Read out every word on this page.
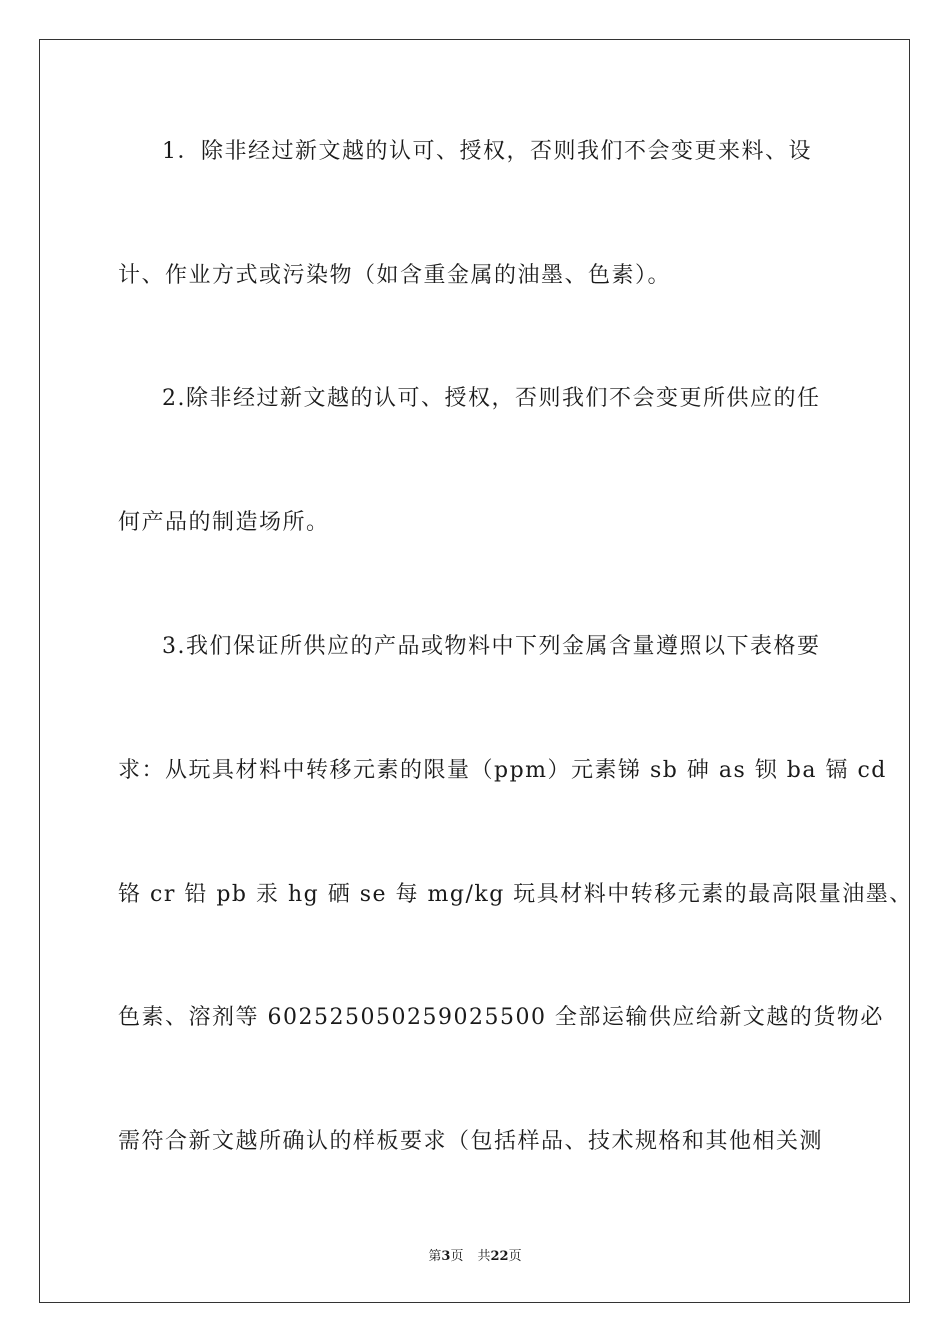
1．除非经过新文越的认可、授权，否则我们不会变更来料、设
计、作业方式或污染物（如含重金属的油墨、色素）。
2.除非经过新文越的认可、授权，否则我们不会变更所供应的任
何产品的制造场所。
3.我们保证所供应的产品或物料中下列金属含量遵照以下表格要
求：从玩具材料中转移元素的限量（ppm）元素锑 sb 砷 as 钡 ba 镉 cd
铬 cr 铅 pb 汞 hg 硒 se 每 mg/kg 玩具材料中转移元素的最高限量油墨、
色素、溶剂等 602525050259025500 全部运输供应给新文越的货物必
需符合新文越所确认的样板要求（包括样品、技术规格和其他相关测
第3页 共22页
